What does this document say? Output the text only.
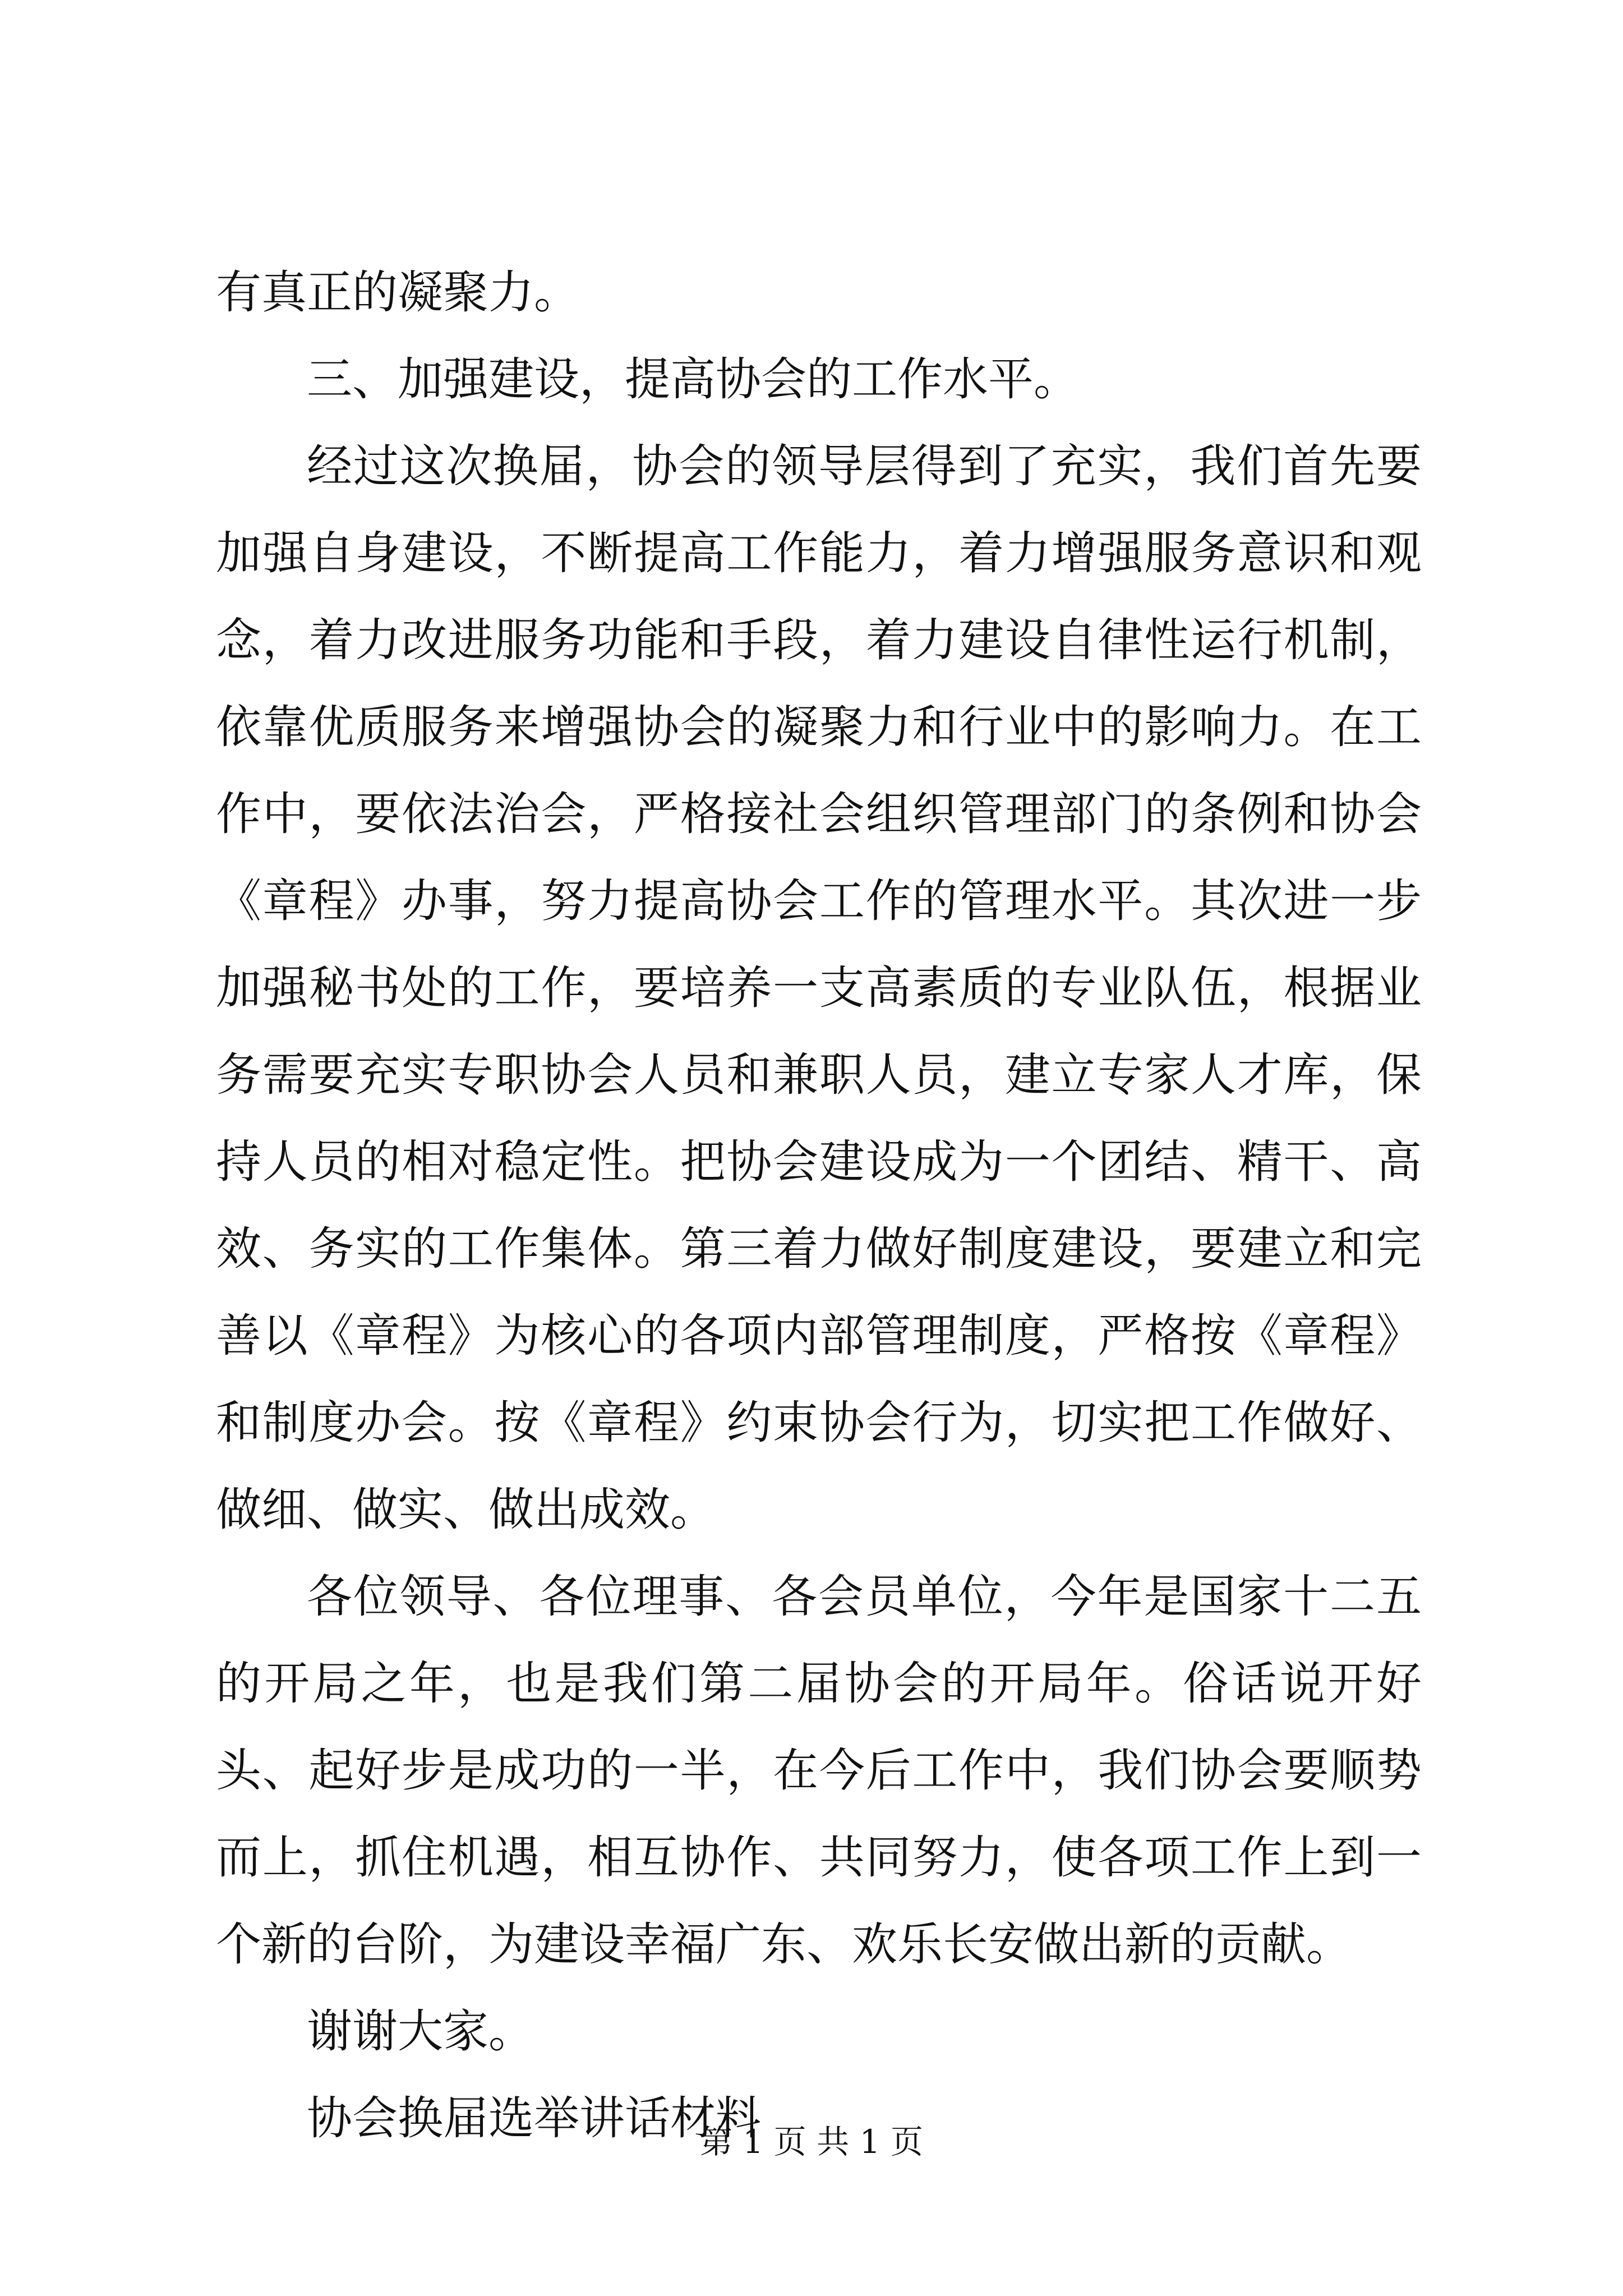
有真正的凝聚力。

三、加强建设，提高协会的工作水平。

经过这次换届，协会的领导层得到了充实，我们首先要加强自身建设，不断提高工作能力，着力增强服务意识和观念，着力改进服务功能和手段，着力建设自律性运行机制，依靠优质服务来增强协会的凝聚力和行业中的影响力。在工作中，要依法治会，严格接社会组织管理部门的条例和协会《章程》办事，努力提高协会工作的管理水平。其次进一步加强秘书处的工作，要培养一支高素质的专业队伍，根据业务需要充实专职协会人员和兼职人员，建立专家人才库，保持人员的相对稳定性。把协会建设成为一个团结、精干、高效、务实的工作集体。第三着力做好制度建设，要建立和完善以《章程》为核心的各项内部管理制度，严格按《章程》和制度办会。按《章程》约束协会行为，切实把工作做好、做细、做实、做出成效。

各位领导、各位理事、各会员单位，今年是国家十二五的开局之年，也是我们第二届协会的开局年。俗话说开好头、起好步是成功的一半，在今后工作中，我们协会要顺势而上，抓住机遇，相互协作、共同努力，使各项工作上到一个新的台阶，为建设幸福广东、欢乐长安做出新的贡献。

谢谢大家。

协会换届选举讲话材料

第 1 页 共 1 页
